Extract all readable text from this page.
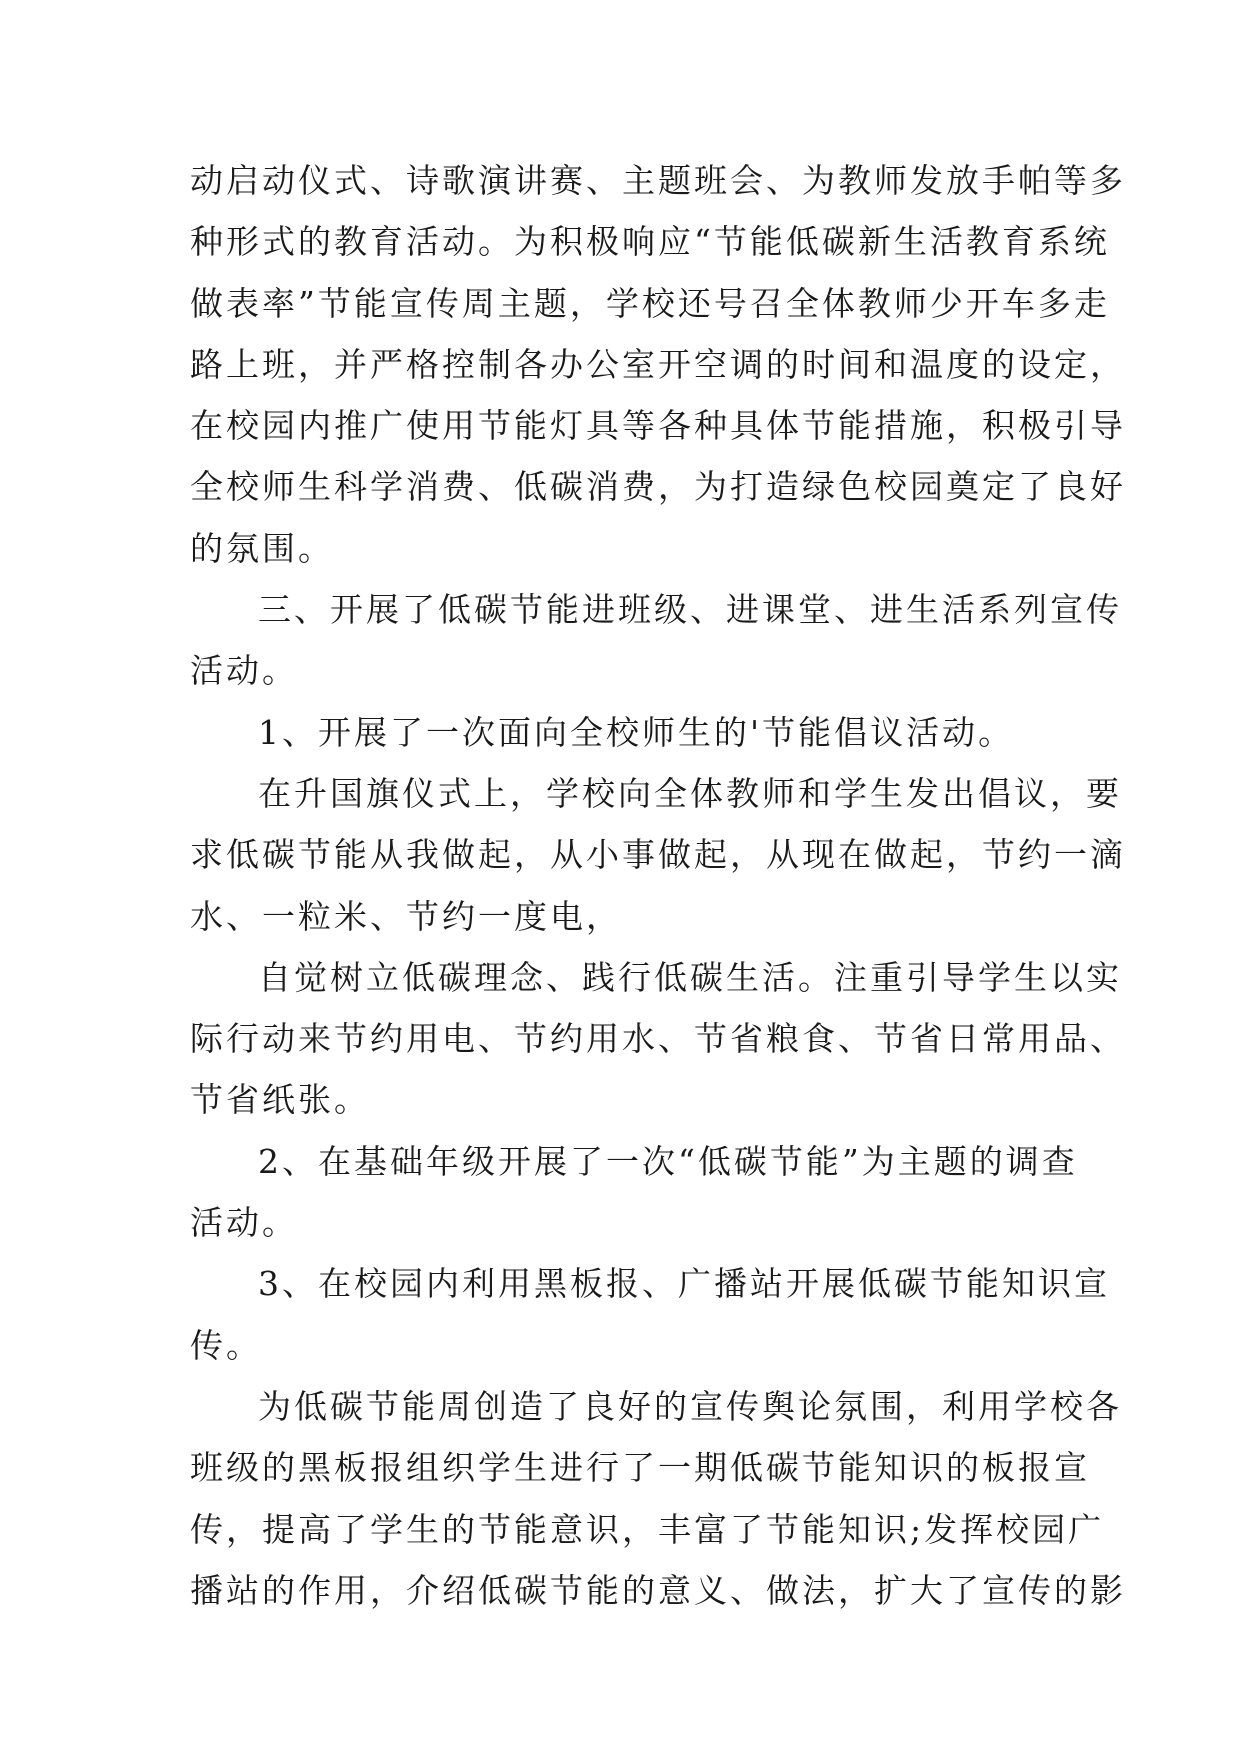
动启动仪式、诗歌演讲赛、主题班会、为教师发放手帕等多
种形式的教育活动。为积极响应“节能低碳新生活教育系统
做表率”节能宣传周主题，学校还号召全体教师少开车多走
路上班，并严格控制各办公室开空调的时间和温度的设定，
在校园内推广使用节能灯具等各种具体节能措施，积极引导
全校师生科学消费、低碳消费，为打造绿色校园奠定了良好
的氛围。
三、开展了低碳节能进班级、进课堂、进生活系列宣传
活动。
1、开展了一次面向全校师生的'节能倡议活动。
在升国旗仪式上，学校向全体教师和学生发出倡议，要
求低碳节能从我做起，从小事做起，从现在做起，节约一滴
水、一粒米、节约一度电，
自觉树立低碳理念、践行低碳生活。注重引导学生以实
际行动来节约用电、节约用水、节省粮食、节省日常用品、
节省纸张。
2、在基础年级开展了一次“低碳节能”为主题的调查
活动。
3、在校园内利用黑板报、广播站开展低碳节能知识宣
传。
为低碳节能周创造了良好的宣传舆论氛围，利用学校各
班级的黑板报组织学生进行了一期低碳节能知识的板报宣
传，提高了学生的节能意识，丰富了节能知识;发挥校园广
播站的作用，介绍低碳节能的意义、做法，扩大了宣传的影
